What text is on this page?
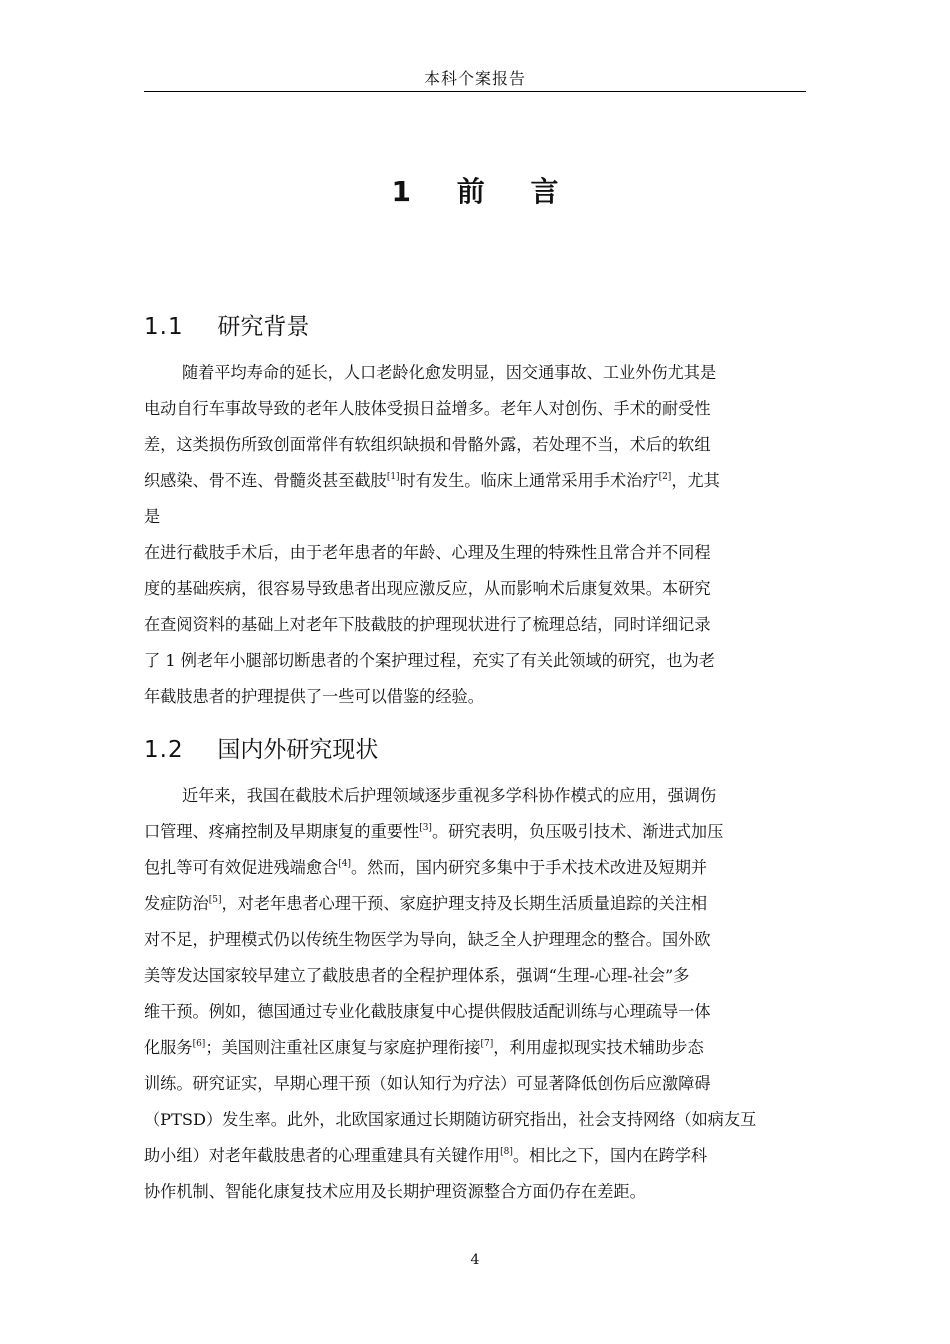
本科个案报告
1 前 言
1.1 研究背景
随着平均寿命的延长，人口老龄化愈发明显，因交通事故、工业外伤尤其是
电动自行车事故导致的老年人肢体受损日益增多。老年人对创伤、手术的耐受性
差，这类损伤所致创面常伴有软组织缺损和骨骼外露，若处理不当，术后的软组
织感染、骨不连、骨髓炎甚至截肢[1]时有发生。临床上通常采用手术治疗[2]，尤其
是
在进行截肢手术后，由于老年患者的年龄、心理及生理的特殊性且常合并不同程
度的基础疾病，很容易导致患者出现应激反应，从而影响术后康复效果。本研究
在查阅资料的基础上对老年下肢截肢的护理现状进行了梳理总结，同时详细记录
了 1 例老年小腿部切断患者的个案护理过程，充实了有关此领域的研究，也为老
年截肢患者的护理提供了一些可以借鉴的经验。
1.2 国内外研究现状
近年来，我国在截肢术后护理领域逐步重视多学科协作模式的应用，强调伤
口管理、疼痛控制及早期康复的重要性[3]。研究表明，负压吸引技术、渐进式加压
包扎等可有效促进残端愈合[4]。然而，国内研究多集中于手术技术改进及短期并
发症防治[5]，对老年患者心理干预、家庭护理支持及长期生活质量追踪的关注相
对不足，护理模式仍以传统生物医学为导向，缺乏全人护理理念的整合。国外欧
美等发达国家较早建立了截肢患者的全程护理体系，强调“生理-心理-社会”多
维干预。例如，德国通过专业化截肢康复中心提供假肢适配训练与心理疏导一体
化服务[6]；美国则注重社区康复与家庭护理衔接[7]，利用虚拟现实技术辅助步态
训练。研究证实，早期心理干预（如认知行为疗法）可显著降低创伤后应激障碍
（PTSD）发生率。此外，北欧国家通过长期随访研究指出，社会支持网络（如病友互
助小组）对老年截肢患者的心理重建具有关键作用[8]。相比之下，国内在跨学科
协作机制、智能化康复技术应用及长期护理资源整合方面仍存在差距。
4
